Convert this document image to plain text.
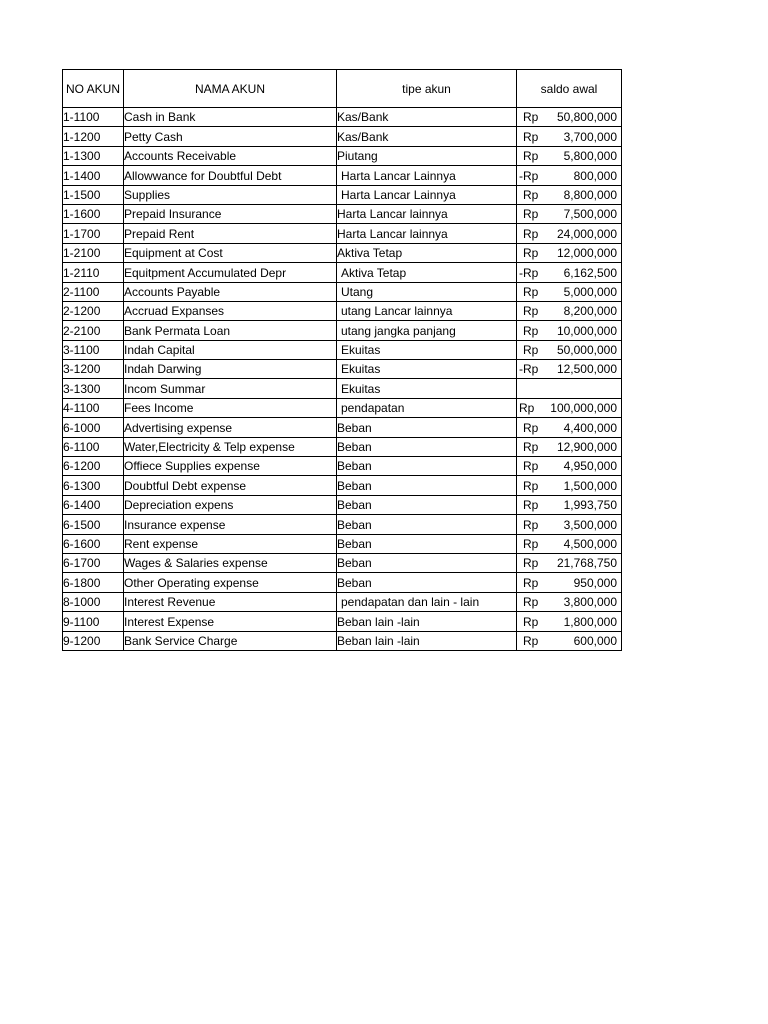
NO AKUN	NAMA AKUN	tipe akun	saldo awal
1-1100	Cash in Bank	Kas/Bank	Rp 50,800,000

1-1200	Petty Cash	Kas/Bank	Rp 3,700,000

1-1300	Accounts Receivable	Piutang	Rp 5,800,000

1-1400	Allowwance for Doubtful Debt	Harta Lancar Lainnya	-Rp 800,000

1-1500	Supplies	Harta Lancar Lainnya	Rp 8,800,000

1-1600	Prepaid Insurance	Harta Lancar lainnya	Rp 7,500,000

1-1700	Prepaid Rent	Harta Lancar lainnya	Rp 24,000,000

1-2100	Equipment at Cost	Aktiva Tetap	Rp 12,000,000

1-2110	Equitpment Accumulated Depr	Aktiva Tetap	-Rp 6,162,500

2-1100	Accounts Payable	Utang	Rp 5,000,000

2-1200	Accruad Expanses	utang Lancar lainnya	Rp 8,200,000

2-2100	Bank Permata Loan	utang jangka panjang	Rp 10,000,000

3-1100	Indah Capital	Ekuitas	Rp 50,000,000

3-1200	Indah Darwing	Ekuitas	-Rp 12,500,000

3-1300	Incom Summar	Ekuitas	

4-1100	Fees Income	pendapatan	Rp 100,000,000

6-1000	Advertising expense	Beban	Rp 4,400,000

6-1100	Water,Electricity & Telp expense	Beban	Rp 12,900,000

6-1200	Offiece Supplies expense	Beban	Rp 4,950,000

6-1300	Doubtful Debt expense	Beban	Rp 1,500,000

6-1400	Depreciation expens	Beban	Rp 1,993,750

6-1500	Insurance expense	Beban	Rp 3,500,000

6-1600	Rent expense	Beban	Rp 4,500,000

6-1700	Wages & Salaries expense	Beban	Rp 21,768,750

6-1800	Other Operating expense	Beban	Rp 950,000

8-1000	Interest Revenue	pendapatan dan lain - lain	Rp 3,800,000

9-1100	Interest Expense	Beban lain -lain	Rp 1,800,000

9-1200	Bank Service Charge	Beban lain -lain	Rp 600,000
